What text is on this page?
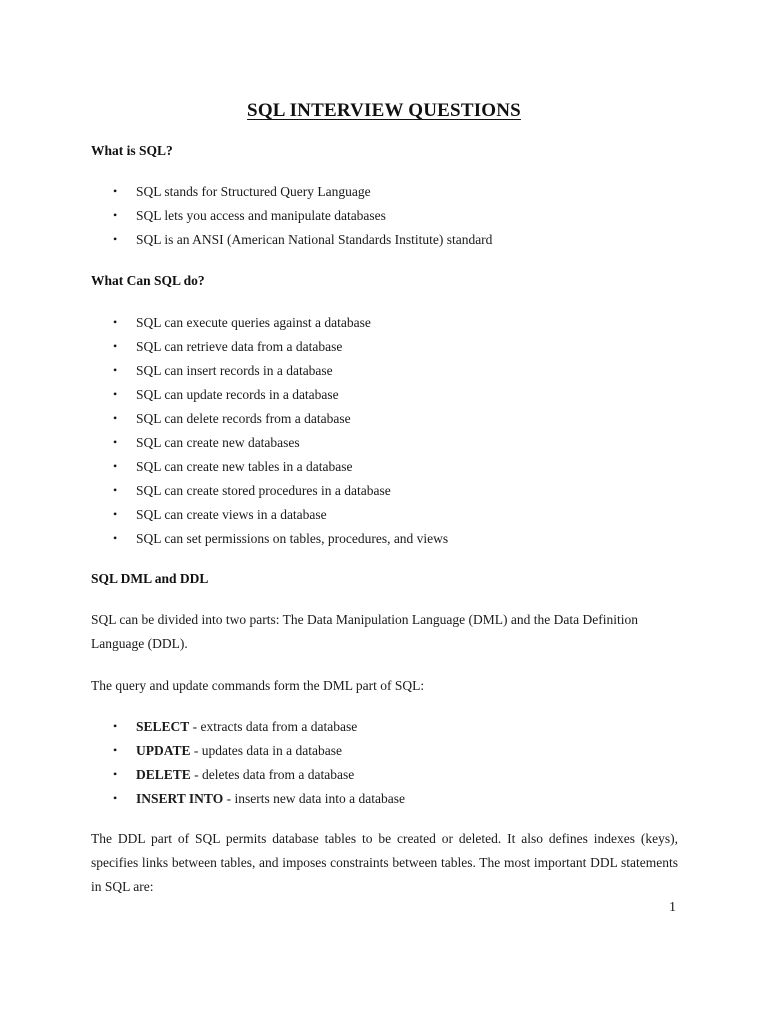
SQL INTERVIEW QUESTIONS
What is SQL?
• SQL stands for Structured Query Language
• SQL lets you access and manipulate databases
• SQL is an ANSI (American National Standards Institute) standard
What Can SQL do?
• SQL can execute queries against a database
• SQL can retrieve data from a database
• SQL can insert records in a database
• SQL can update records in a database
• SQL can delete records from a database
• SQL can create new databases
• SQL can create new tables in a database
• SQL can create stored procedures in a database
• SQL can create views in a database
• SQL can set permissions on tables, procedures, and views
SQL DML and DDL

SQL can be divided into two parts: The Data Manipulation Language (DML) and the Data Definition Language (DDL).

The query and update commands form the DML part of SQL:

• SELECT - extracts data from a database
• UPDATE - updates data in a database
• DELETE - deletes data from a database
• INSERT INTO - inserts new data into a database

The DDL part of SQL permits database tables to be created or deleted. It also defines indexes (keys), specifies links between tables, and imposes constraints between tables. The most important DDL statements in SQL are:

1
